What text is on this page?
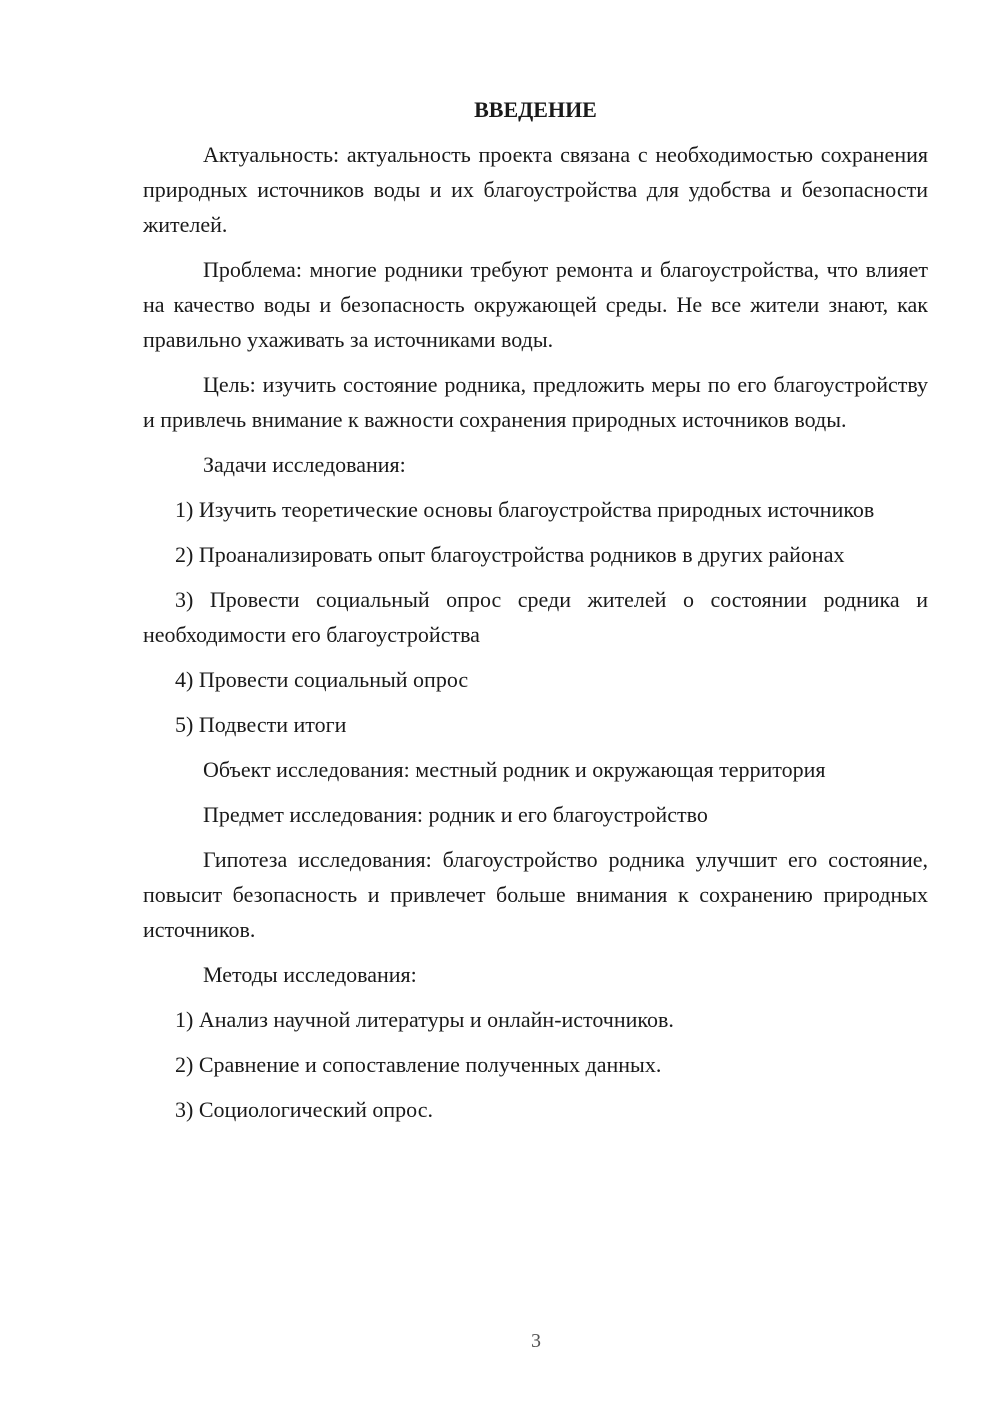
ВВЕДЕНИЕ

Актуальность: актуальность проекта связана с необходимостью сохранения природных источников воды и их благоустройства для удобства и безопасности жителей.

Проблема: многие родники требуют ремонта и благоустройства, что влияет на качество воды и безопасность окружающей среды. Не все жители знают, как правильно ухаживать за источниками воды.

Цель: изучить состояние родника, предложить меры по его благоустройству и привлечь внимание к важности сохранения природных источников воды.

Задачи исследования:

1) Изучить теоретические основы благоустройства природных источников

2) Проанализировать опыт благоустройства родников в других районах

3) Провести социальный опрос среди жителей о состоянии родника и необходимости его благоустройства

4) Провести социальный опрос

5) Подвести итоги

Объект исследования: местный родник и окружающая территория

Предмет исследования: родник и его благоустройство

Гипотеза исследования: благоустройство родника улучшит его состояние, повысит безопасность и привлечет больше внимания к сохранению природных источников.

Методы исследования:

1) Анализ научной литературы и онлайн-источников.

2) Сравнение и сопоставление полученных данных.

3) Социологический опрос.

3
